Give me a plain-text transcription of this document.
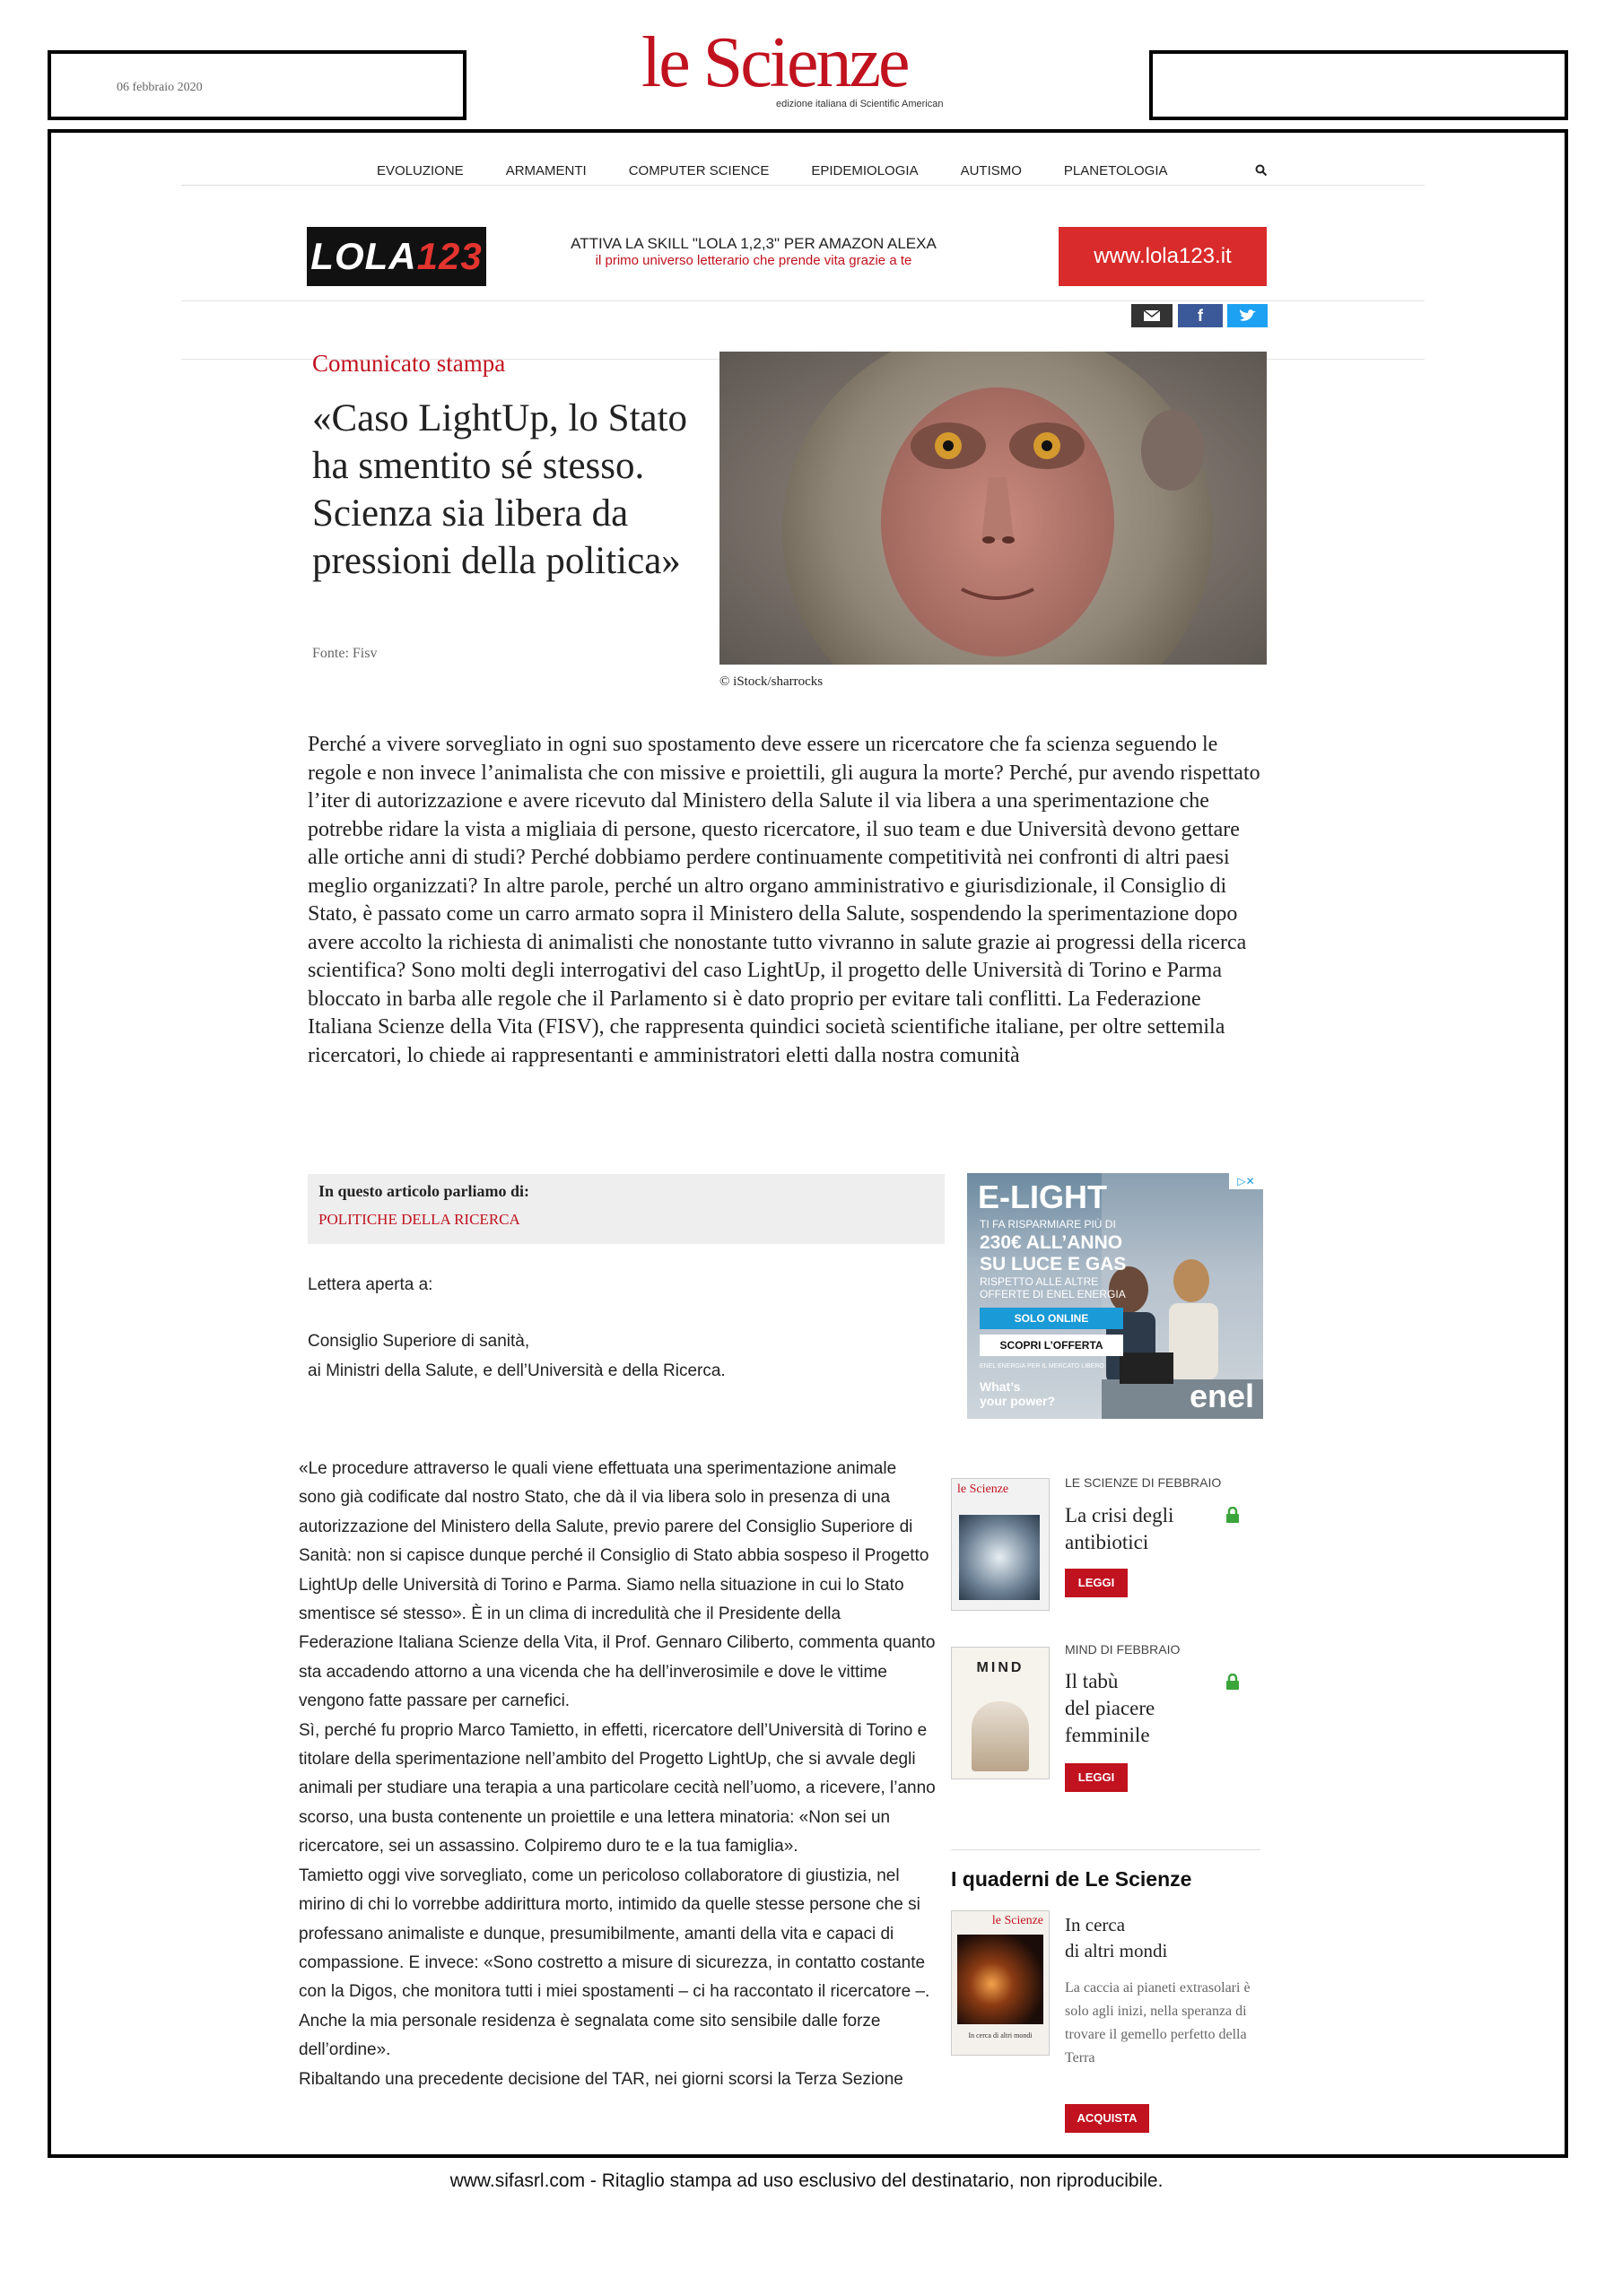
06 febbraio 2020	le Scienze
edizione italiana di Scientific American
EVOLUZIONE	ARMAMENTI	COMPUTER SCIENCE	EPIDEMIOLOGIA	AUTISMO	PLANETOLOGIA
LOLA123	ATTIVA LA SKILL "LOLA 1,2,3" PER AMAZON ALEXA
il primo universo letterario che prende vita grazie a te	www.lola123.it
f
Comunicato stampa
«Caso LightUp, lo Stato ha smentito sé stesso. Scienza sia libera da pressioni della politica»
Fonte: Fisv
© iStock/sharrocks
Perché a vivere sorvegliato in ogni suo spostamento deve essere un ricercatore che fa scienza seguendo le regole e non invece l’animalista che con missive e proiettili, gli augura la morte? Perché, pur avendo rispettato l’iter di autorizzazione e avere ricevuto dal Ministero della Salute il via libera a una sperimentazione che potrebbe ridare la vista a migliaia di persone, questo ricercatore, il suo team e due Università devono gettare alle ortiche anni di studi? Perché dobbiamo perdere continuamente competitività nei confronti di altri paesi meglio organizzati? In altre parole, perché un altro organo amministrativo e giurisdizionale, il Consiglio di Stato, è passato come un carro armato sopra il Ministero della Salute, sospendendo la sperimentazione dopo avere accolto la richiesta di animalisti che nonostante tutto vivranno in salute grazie ai progressi della ricerca scientifica? Sono molti degli interrogativi del caso LightUp, il progetto delle Università di Torino e Parma bloccato in barba alle regole che il Parlamento si è dato proprio per evitare tali conflitti. La Federazione Italiana Scienze della Vita (FISV), che rappresenta quindici società scientifiche italiane, per oltre settemila ricercatori, lo chiede ai rappresentanti e amministratori eletti dalla nostra comunità
In questo articolo parliamo di:
POLITICHE DELLA RICERCA
Lettera aperta a:
Consiglio Superiore di sanità,
ai Ministri della Salute, e dell’Università e della Ricerca.
E-LIGHT	▷✕
TI FA RISPARMIARE PIÙ DI
230€ ALL’ANNO
SU LUCE E GAS
RISPETTO ALLE ALTRE
OFFERTE DI ENEL ENERGIA
SOLO ONLINE
SCOPRI L’OFFERTA
ENEL ENERGIA PER IL MERCATO LIBERO
What’s
your power?	enel
«Le procedure attraverso le quali viene effettuata una sperimentazione animale sono già codificate dal nostro Stato, che dà il via libera solo in presenza di una autorizzazione del Ministero della Salute, previo parere del Consiglio Superiore di Sanità: non si capisce dunque perché il Consiglio di Stato abbia sospeso il Progetto LightUp delle Università di Torino e Parma. Siamo nella situazione in cui lo Stato smentisce sé stesso». È in un clima di incredulità che il Presidente della Federazione Italiana Scienze della Vita, il Prof. Gennaro Ciliberto, commenta quanto sta accadendo attorno a una vicenda che ha dell’inverosimile e dove le vittime vengono fatte passare per carnefici.
Sì, perché fu proprio Marco Tamietto, in effetti, ricercatore dell’Università di Torino e titolare della sperimentazione nell’ambito del Progetto LightUp, che si avvale degli animali per studiare una terapia a una particolare cecità nell’uomo, a ricevere, l’anno scorso, una busta contenente un proiettile e una lettera minatoria: «Non sei un ricercatore, sei un assassino. Colpiremo duro te e la tua famiglia».
Tamietto oggi vive sorvegliato, come un pericoloso collaboratore di giustizia, nel mirino di chi lo vorrebbe addirittura morto, intimido da quelle stesse persone che si professano animaliste e dunque, presumibilmente, amanti della vita e capaci di compassione. E invece: «Sono costretto a misure di sicurezza, in contatto costante con la Digos, che monitora tutti i miei spostamenti – ci ha raccontato il ricercatore –. Anche la mia personale residenza è segnalata come sito sensibile dalle forze dell’ordine».
Ribaltando una precedente decisione del TAR, nei giorni scorsi la Terza Sezione
le Scienze	LE SCIENZE DI FEBBRAIO
La crisi degli
antibiotici
LEGGI
MIND
MIND DI FEBBRAIO
Il tabù
del piacere
femminile
LEGGI
I quaderni de Le Scienze
le Scienze
In cerca di altri mondi
In cerca
di altri mondi
La caccia ai pianeti extrasolari è solo agli inizi, nella speranza di trovare il gemello perfetto della Terra
ACQUISTA
www.sifasrl.com - Ritaglio stampa ad uso esclusivo del destinatario, non riproducibile.
